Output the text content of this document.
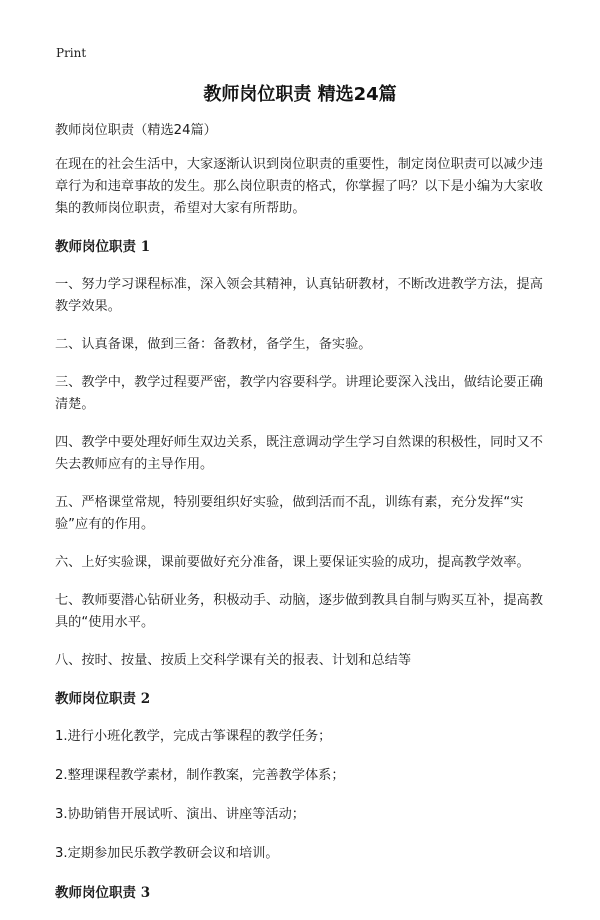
Print
教师岗位职责 精选24篇

教师岗位职责（精选24篇）

在现在的社会生活中，大家逐渐认识到岗位职责的重要性，制定岗位职责可以减少违章行为和违章事故的发生。那么岗位职责的格式，你掌握了吗？以下是小编为大家收集的教师岗位职责，希望对大家有所帮助。

教师岗位职责 1

一、努力学习课程标准，深入领会其精神，认真钻研教材，不断改进教学方法，提高教学效果。

二、认真备课，做到三备：备教材，备学生，备实验。

三、教学中，教学过程要严密，教学内容要科学。讲理论要深入浅出，做结论要正确清楚。

四、教学中要处理好师生双边关系，既注意调动学生学习自然课的积极性，同时又不失去教师应有的主导作用。

五、严格课堂常规，特别要组织好实验，做到活而不乱，训练有素，充分发挥“实验”应有的作用。

六、上好实验课，课前要做好充分准备，课上要保证实验的成功，提高教学效率。

七、教师要潜心钻研业务，积极动手、动脑，逐步做到教具自制与购买互补，提高教具的“使用水平。

八、按时、按量、按质上交科学课有关的报表、计划和总结等

教师岗位职责 2

1.进行小班化教学，完成古筝课程的教学任务；

2.整理课程教学素材，制作教案，完善教学体系；

3.协助销售开展试听、演出、讲座等活动；

3.定期参加民乐教学教研会议和培训。

教师岗位职责 3
